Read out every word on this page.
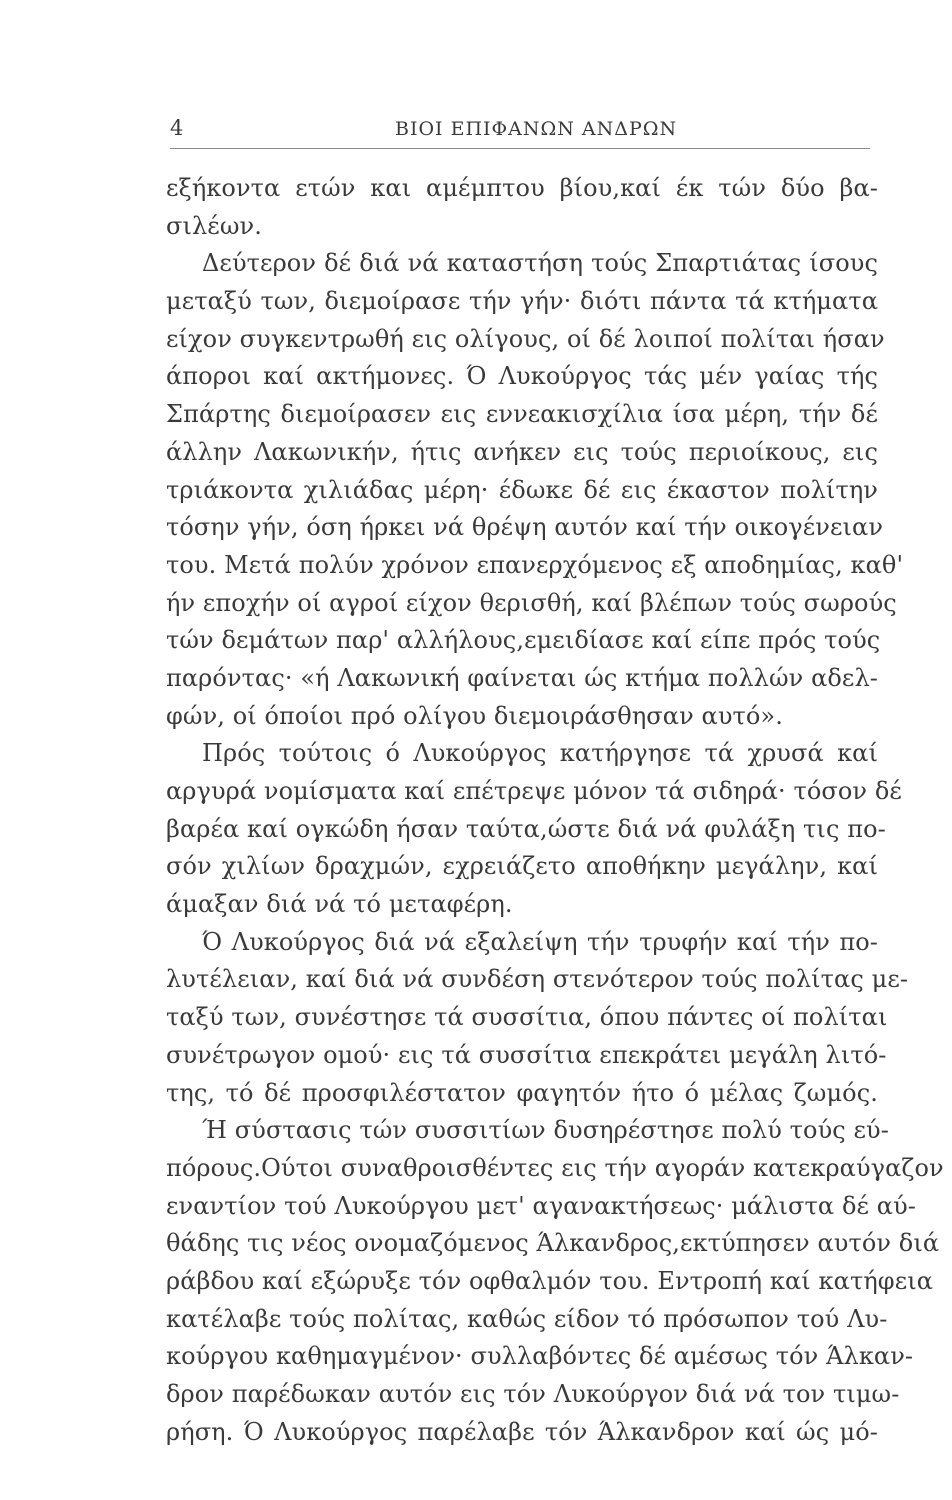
4	ΒΙΟΙ ΕΠΙΦΑΝΩΝ ΑΝΔΡΩΝ
εξήκοντα ετών και αμέμπτου βίου,καί έκ τών δύο βα-
σιλέων.
Δεύτερον δέ διά νά καταστήση τούς Σπαρτιάτας ίσους
μεταξύ των, διεμοίρασε τήν γήν· διότι πάντα τά κτήματα
είχον συγκεντρωθή εις ολίγους, οί δέ λοιποί πολίται ήσαν
άποροι καί ακτήμονες. Ό Λυκούργος τάς μέν γαίας τής
Σπάρτης διεμοίρασεν εις εννεακισχίλια ίσα μέρη, τήν δέ
άλλην Λακωνικήν, ήτις ανήκεν εις τούς περιοίκους, εις
τριάκοντα χιλιάδας μέρη· έδωκε δέ εις έκαστον πολίτην
τόσην γήν, όση ήρκει νά θρέψη αυτόν καί τήν οικογένειαν
του. Μετά πολύν χρόνον επανερχόμενος εξ αποδημίας, καθ'
ήν εποχήν οί αγροί είχον θερισθή, καί βλέπων τούς σωρούς
τών δεμάτων παρ' αλλήλους,εμειδίασε καί είπε πρός τούς
παρόντας· «ή Λακωνική φαίνεται ώς κτήμα πολλών αδελ-
φών, οί όποίοι πρό ολίγου διεμοιράσθησαν αυτό».
Πρός τούτοις ό Λυκούργος κατήργησε τά χρυσά καί
αργυρά νομίσματα καί επέτρεψε μόνον τά σιδηρά· τόσον δέ
βαρέα καί ογκώδη ήσαν ταύτα,ώστε διά νά φυλάξη τις πο-
σόν χιλίων δραχμών, εχρειάζετο αποθήκην μεγάλην, καί
άμαξαν διά νά τό μεταφέρη.
Ό Λυκούργος διά νά εξαλείψη τήν τρυφήν καί τήν πο-
λυτέλειαν, καί διά νά συνδέση στενότερον τούς πολίτας με-
ταξύ των, συνέστησε τά συσσίτια, όπου πάντες οί πολίται
συνέτρωγον ομού· εις τά συσσίτια επεκράτει μεγάλη λιτό-
της, τό δέ προσφιλέστατον φαγητόν ήτο ό μέλας ζωμός.
Ή σύστασις τών συσσιτίων δυσηρέστησε πολύ τούς εύ-
πόρους.Ούτοι συναθροισθέντες εις τήν αγοράν κατεκραύγαζον
εναντίον τού Λυκούργου μετ' αγανακτήσεως· μάλιστα δέ αύ-
θάδης τις νέος ονομαζόμενος Άλκανδρος,εκτύπησεν αυτόν διά
ράβδου καί εξώρυξε τόν οφθαλμόν του. Εντροπή καί κατήφεια
κατέλαβε τούς πολίτας, καθώς είδον τό πρόσωπον τού Λυ-
κούργου καθημαγμένον· συλλαβόντες δέ αμέσως τόν Άλκαν-
δρον παρέδωκαν αυτόν εις τόν Λυκούργον διά νά τον τιμω-
ρήση. Ό Λυκούργος παρέλαβε τόν Άλκανδρον καί ώς μό-
